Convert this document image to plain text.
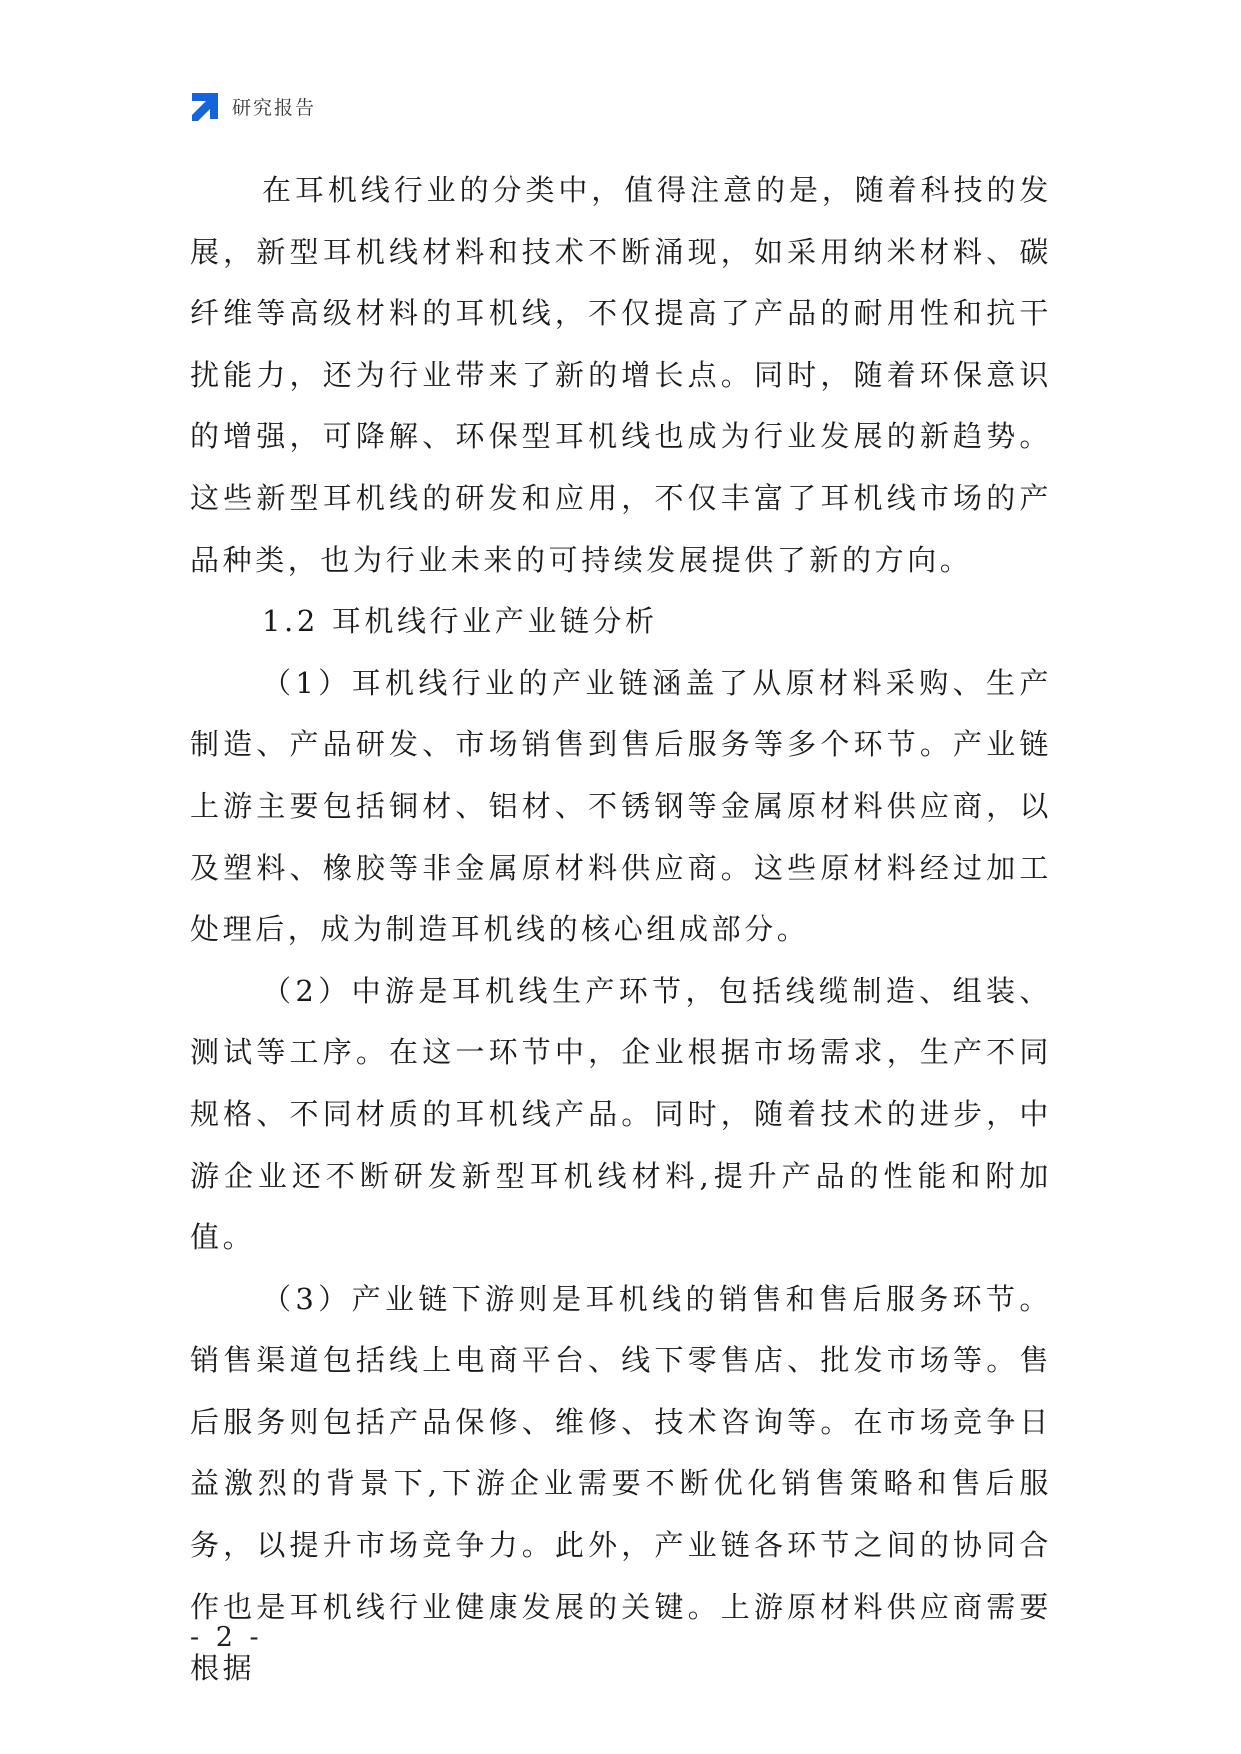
研究报告

在耳机线行业的分类中，值得注意的是，随着科技的发展，新型耳机线材料和技术不断涌现，如采用纳米材料、碳纤维等高级材料的耳机线，不仅提高了产品的耐用性和抗干扰能力，还为行业带来了新的增长点。同时，随着环保意识的增强，可降解、环保型耳机线也成为行业发展的新趋势。这些新型耳机线的研发和应用，不仅丰富了耳机线市场的产品种类，也为行业未来的可持续发展提供了新的方向。

1.2 耳机线行业产业链分析

（1）耳机线行业的产业链涵盖了从原材料采购、生产制造、产品研发、市场销售到售后服务等多个环节。产业链上游主要包括铜材、铝材、不锈钢等金属原材料供应商，以及塑料、橡胶等非金属原材料供应商。这些原材料经过加工处理后，成为制造耳机线的核心组成部分。

（2）中游是耳机线生产环节，包括线缆制造、组装、测试等工序。在这一环节中，企业根据市场需求，生产不同规格、不同材质的耳机线产品。同时，随着技术的进步，中游企业还不断研发新型耳机线材料,提升产品的性能和附加值。

（3）产业链下游则是耳机线的销售和售后服务环节。销售渠道包括线上电商平台、线下零售店、批发市场等。售后服务则包括产品保修、维修、技术咨询等。在市场竞争日益激烈的背景下,下游企业需要不断优化销售策略和售后服务，以提升市场竞争力。此外，产业链各环节之间的协同合作也是耳机线行业健康发展的关键。上游原材料供应商需要根据

- 2 -
